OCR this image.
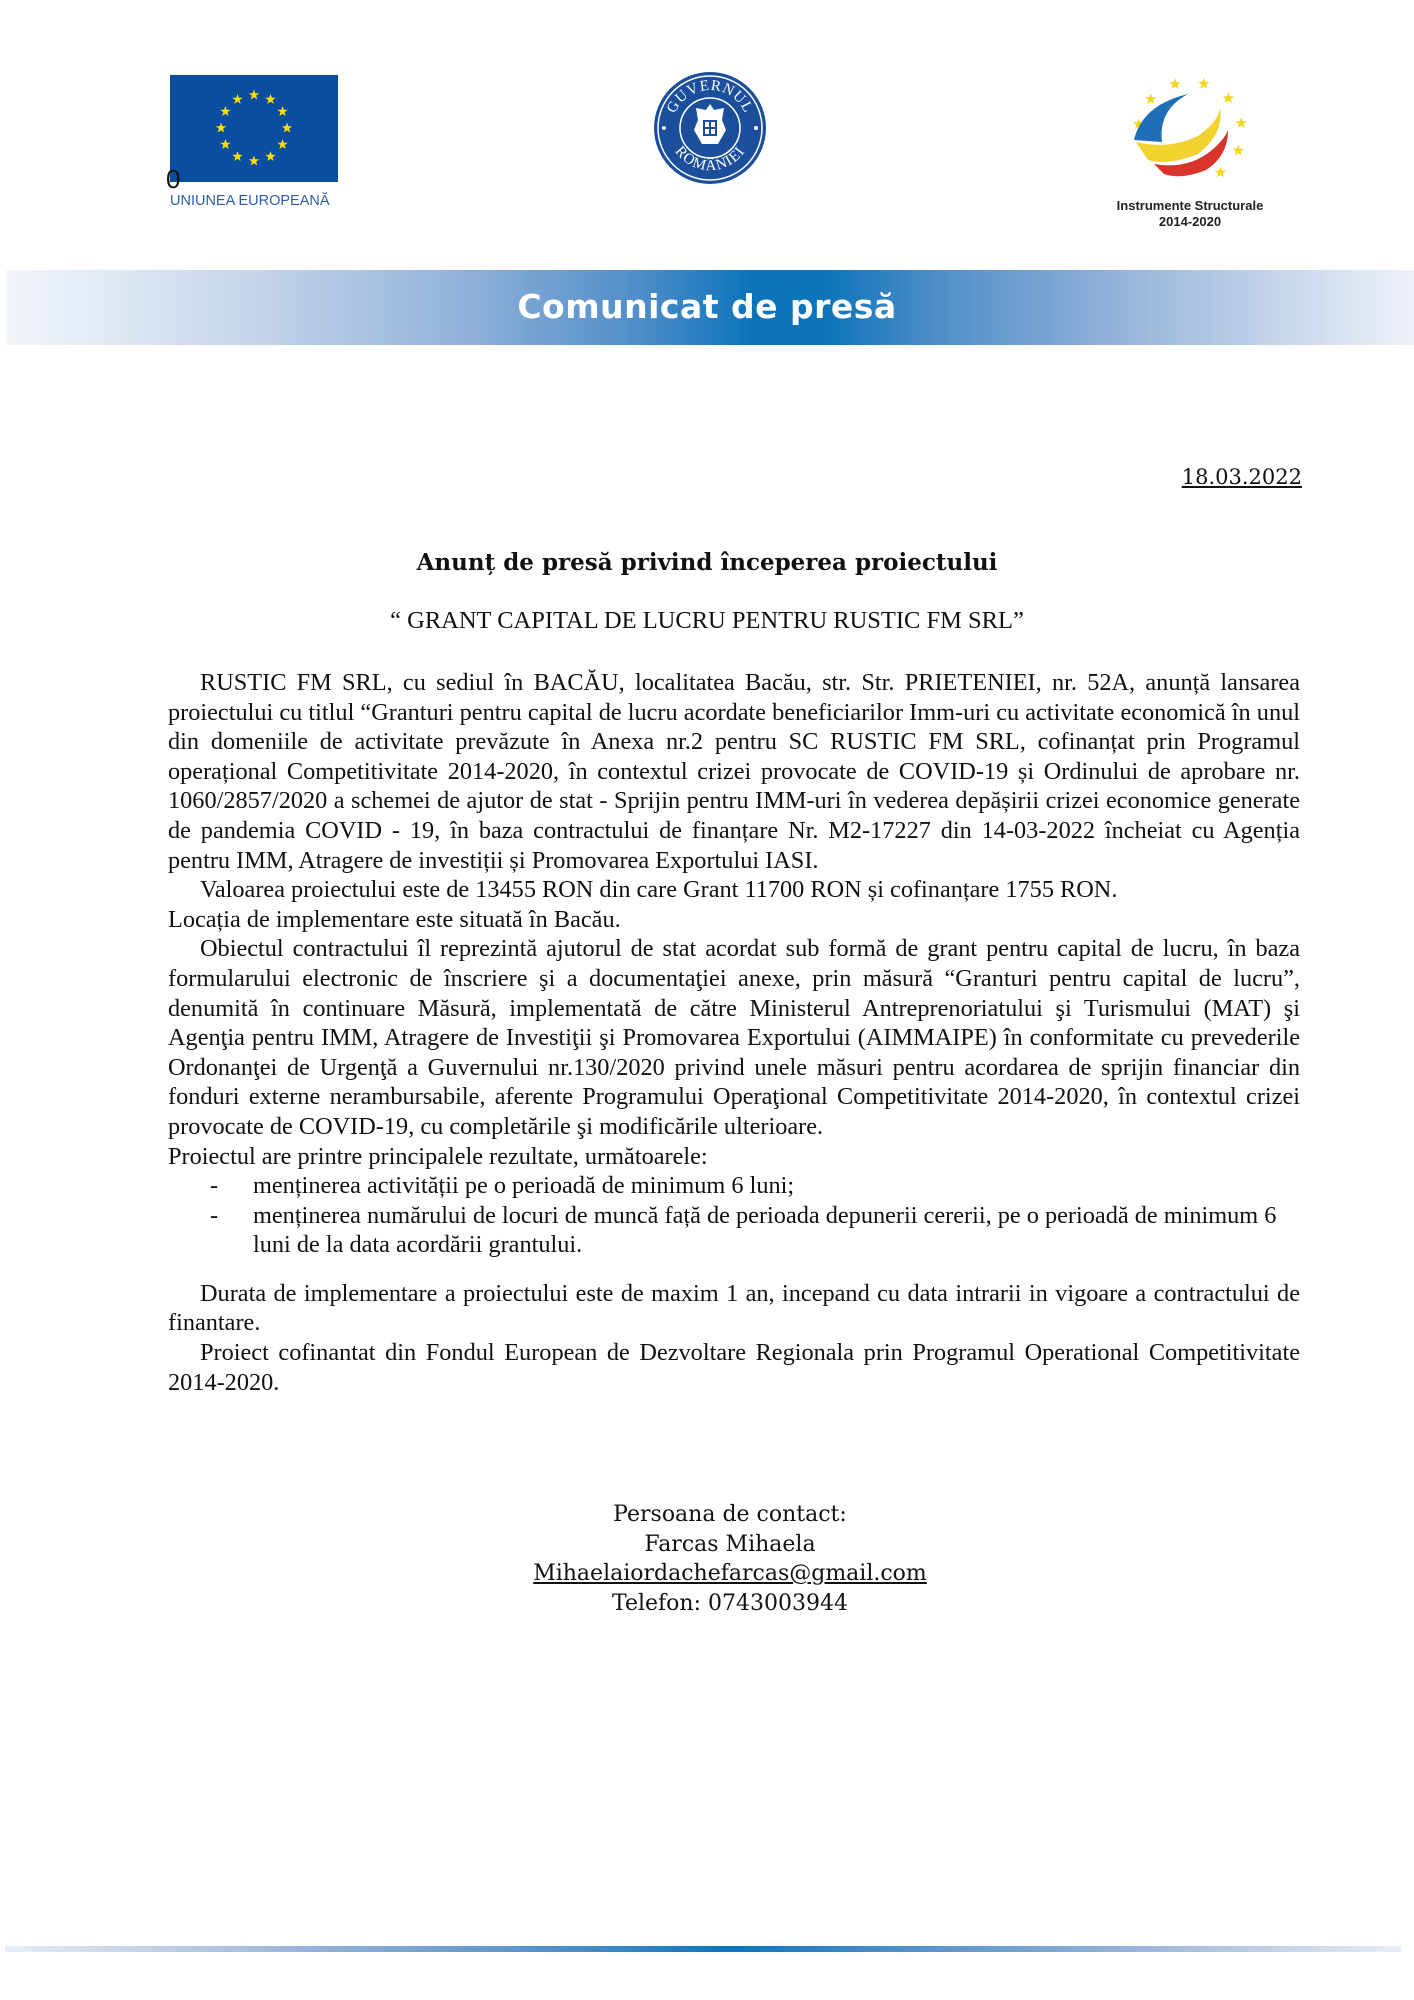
0
UNIUNEA EUROPEANĂ
GUVERNUL
ROMÂNIEI
Instrumente Structurale
2014-2020
Comunicat de presă
18.03.2022
Anunț de presă privind începerea proiectului
“ GRANT CAPITAL DE LUCRU PENTRU RUSTIC FM SRL”

RUSTIC FM SRL, cu sediul în BACĂU, localitatea Bacău, str. Str. PRIETENIEI, nr. 52A, anunță lansarea proiectului cu titlul “Granturi pentru capital de lucru acordate beneficiarilor Imm-uri cu activitate economică în unul din domeniile de activitate prevăzute în Anexa nr.2 pentru SC RUSTIC FM SRL, cofinanțat prin Programul operațional Competitivitate 2014-2020, în contextul crizei provocate de COVID-19 și Ordinului de aprobare nr. 1060/2857/2020 a schemei de ajutor de stat - Sprijin pentru IMM-uri în vederea depășirii crizei economice generate de pandemia COVID - 19, în baza contractului de finanțare Nr. M2-17227 din 14-03-2022 încheiat cu Agenția pentru IMM, Atragere de investiții și Promovarea Exportului IASI.

Valoarea proiectului este de 13455 RON din care Grant 11700 RON și cofinanțare 1755 RON.

Locația de implementare este situată în Bacău.

Obiectul contractului îl reprezintă ajutorul de stat acordat sub formă de grant pentru capital de lucru, în baza formularului electronic de înscriere şi a documentaţiei anexe, prin măsură “Granturi pentru capital de lucru”, denumită în continuare Măsură, implementată de către Ministerul Antreprenoriatului şi Turismului (MAT) şi Agenţia pentru IMM, Atragere de Investiţii şi Promovarea Exportului (AIMMAIPE) în conformitate cu prevederile Ordonanţei de Urgenţă a Guvernului nr.130/2020 privind unele măsuri pentru acordarea de sprijin financiar din fonduri externe nerambursabile, aferente Programului Operaţional Competitivitate 2014-2020, în contextul crizei provocate de COVID-19, cu completările şi modificările ulterioare.

Proiectul are printre principalele rezultate, următoarele:

- menținerea activității pe o perioadă de minimum 6 luni;
- menținerea numărului de locuri de muncă față de perioada depunerii cererii, pe o perioadă de minimum 6 luni de la data acordării grantului.

Durata de implementare a proiectului este de maxim 1 an, incepand cu data intrarii in vigoare a contractului de finantare.

Proiect cofinantat din Fondul European de Dezvoltare Regionala prin Programul Operational Competitivitate 2014-2020.

Persoana de contact:
Farcas Mihaela
Mihaelaiordachefarcas@gmail.com
Telefon: 0743003944
